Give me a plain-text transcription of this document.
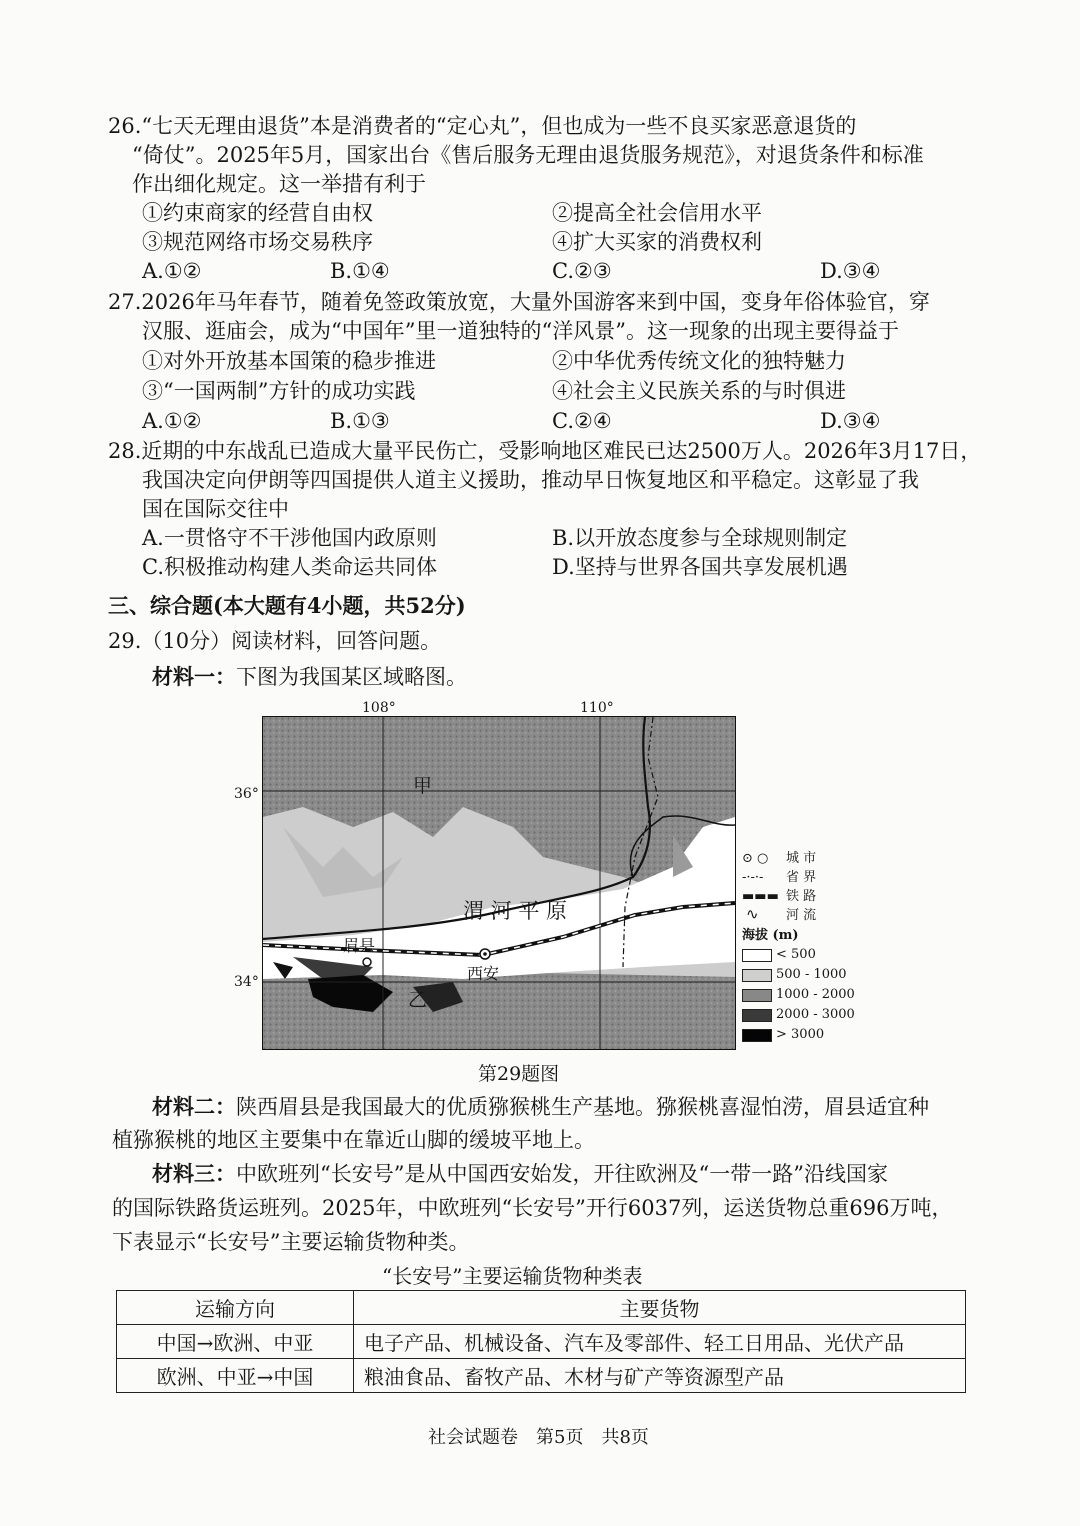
26.“七天无理由退货”本是消费者的“定心丸”，但也成为一些不良买家恶意退货的
“倚仗”。2025年5月，国家出台《售后服务无理由退货服务规范》，对退货条件和标准
作出细化规定。这一举措有利于
①约束商家的经营自由权	②提高全社会信用水平
③规范网络市场交易秩序	④扩大买家的消费权利
A.①②	B.①④	C.②③	D.③④
27.2026年马年春节，随着免签政策放宽，大量外国游客来到中国，变身年俗体验官，穿
汉服、逛庙会，成为“中国年”里一道独特的“洋风景”。这一现象的出现主要得益于
①对外开放基本国策的稳步推进	②中华优秀传统文化的独特魅力
③“一国两制”方针的成功实践	④社会主义民族关系的与时俱进
A.①②	B.①③	C.②④	D.③④
28.近期的中东战乱已造成大量平民伤亡，受影响地区难民已达2500万人。2026年3月17日，
我国决定向伊朗等四国提供人道主义援助，推动早日恢复地区和平稳定。这彰显了我
国在国际交往中
A.一贯恪守不干涉他国内政原则	B.以开放态度参与全球规则制定
C.积极推动构建人类命运共同体	D.坚持与世界各国共享发展机遇
三、综合题(本大题有4小题，共52分)
29.（10分）阅读材料，回答问题。
材料一：下图为我国某区域略图。
108°	110°
36°
34°
甲
乙
渭 河 平 原
眉县
西安
⊙ ○ 城 市
-·-·- 省 界
▬▬▬ 铁 路
∿ 河 流
海拔 (m)
< 500
500 - 1000
1000 - 2000
2000 - 3000
> 3000
第29题图
材料二：陕西眉县是我国最大的优质猕猴桃生产基地。猕猴桃喜湿怕涝，眉县适宜种
植猕猴桃的地区主要集中在靠近山脚的缓坡平地上。
材料三：中欧班列“长安号”是从中国西安始发，开往欧洲及“一带一路”沿线国家
的国际铁路货运班列。2025年，中欧班列“长安号”开行6037列，运送货物总重696万吨，
下表显示“长安号”主要运输货物种类。
“长安号”主要运输货物种类表
运输方向	主要货物
中国→欧洲、中亚	电子产品、机械设备、汽车及零部件、轻工日用品、光伏产品
欧洲、中亚→中国	粮油食品、畜牧产品、木材与矿产等资源型产品
社会试题卷　第5页　共8页
